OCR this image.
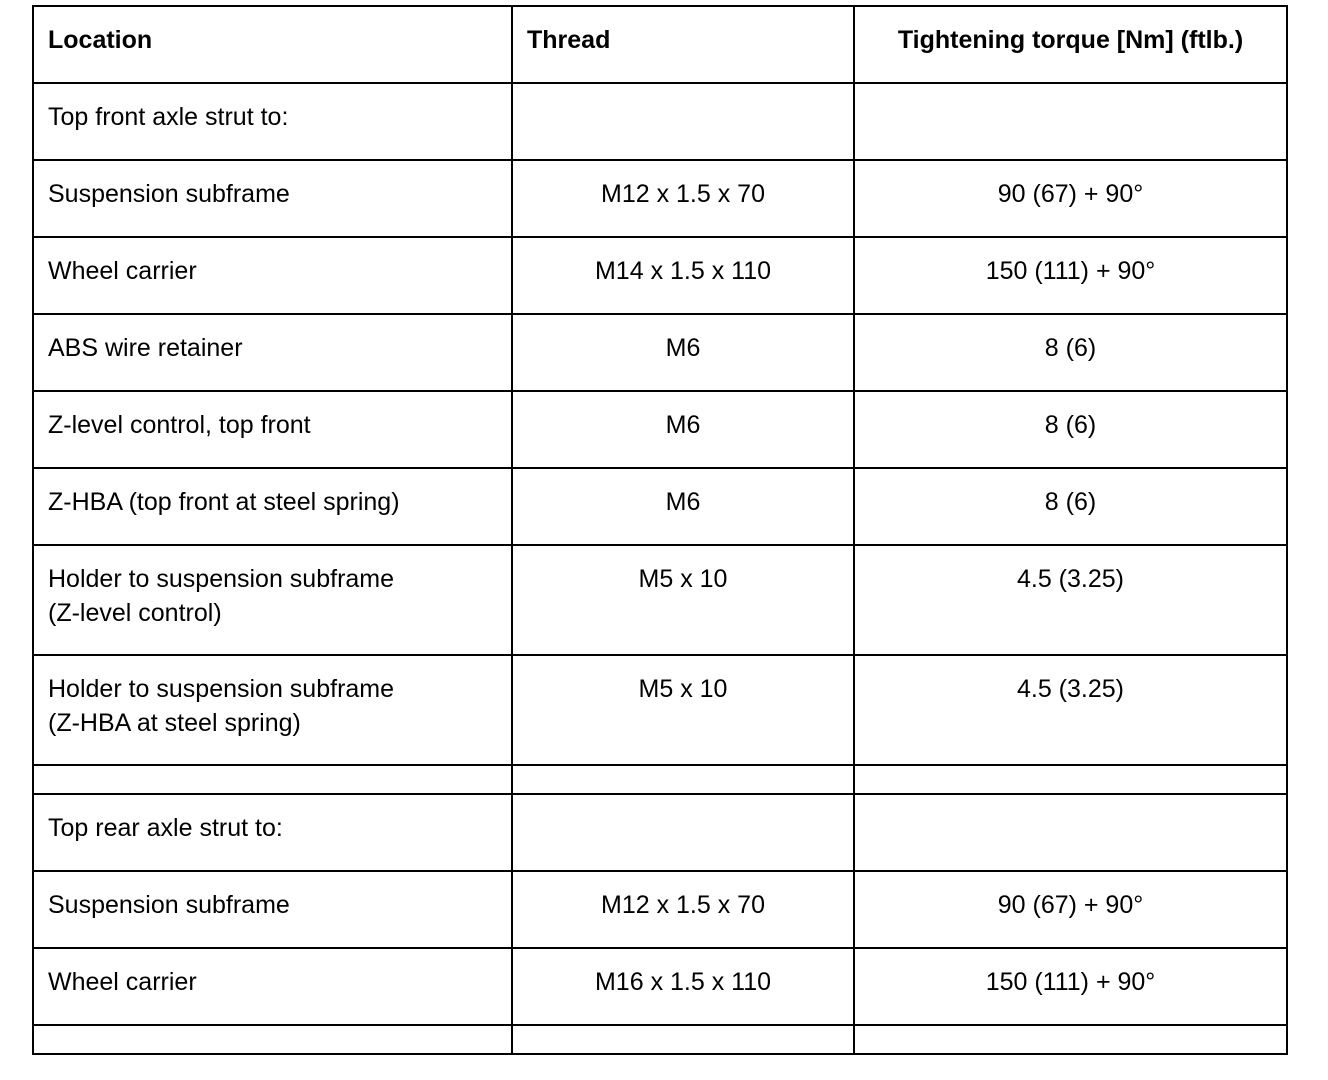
Location	Thread	Tightening torque [Nm] (ftlb.)
Top front axle strut to:		
Suspension subframe	M12 x 1.5 x 70	90 (67) + 90°
Wheel carrier	M14 x 1.5 x 110	150 (111) + 90°
ABS wire retainer	M6	8 (6)
Z-level control, top front	M6	8 (6)
Z-HBA (top front at steel spring)	M6	8 (6)

Holder to suspension subframe
(Z-level control)	M5 x 10	4.5 (3.25)

Holder to suspension subframe
(Z-HBA at steel spring)	M5 x 10	4.5 (3.25)

Top rear axle strut to:		
Suspension subframe	M12 x 1.5 x 70	90 (67) + 90°
Wheel carrier	M16 x 1.5 x 110	150 (111) + 90°
